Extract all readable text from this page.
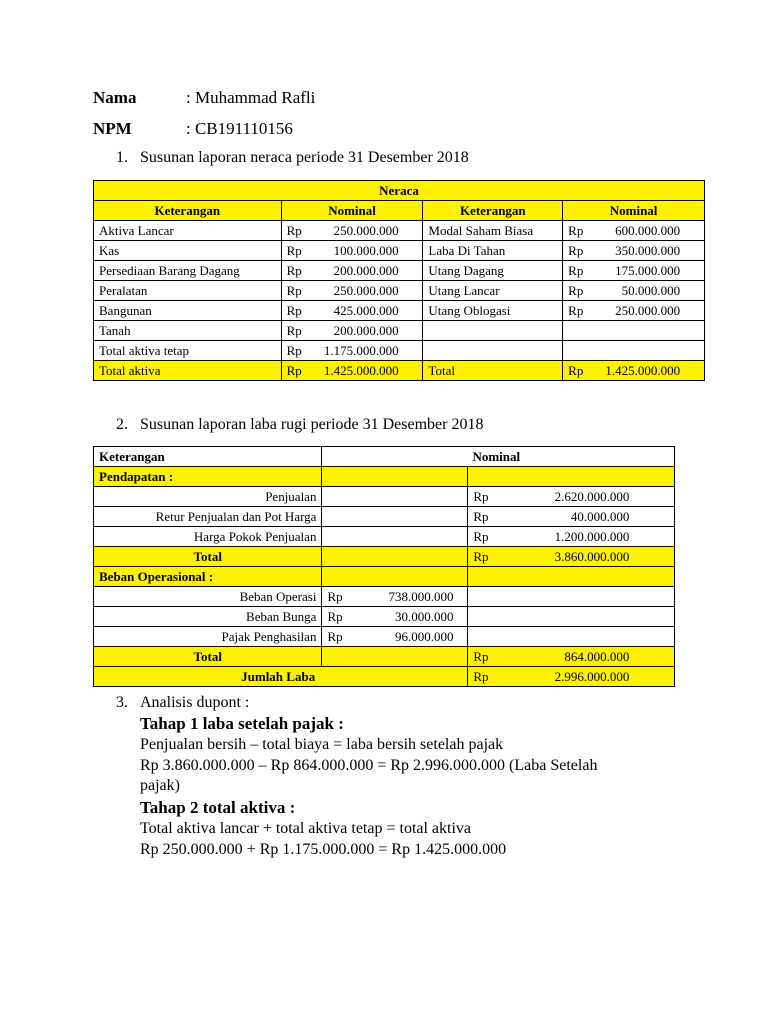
Nama	: Muhammad Rafli
NPM	: CB191110156
1. Susunan laporan neraca periode 31 Desember 2018
Neraca			
Keterangan	Nominal	Keterangan	Nominal
Aktiva Lancar	Rp 250.000.000	Modal Saham Biasa	Rp 600.000.000
Kas	Rp 100.000.000	Laba Di Tahan	Rp 350.000.000
Persediaan Barang Dagang	Rp 200.000.000	Utang Dagang	Rp 175.000.000
Peralatan	Rp 250.000.000	Utang Lancar	Rp 50.000.000
Bangunan	Rp 425.000.000	Utang Oblogasi	Rp 250.000.000
Tanah	Rp 200.000.000		
Total aktiva tetap	Rp 1.175.000.000		
Total aktiva	Rp 1.425.000.000	Total	Rp 1.425.000.000
2. Susunan laporan laba rugi periode 31 Desember 2018
Keterangan	Nominal	
Pendapatan :		
Penjualan		Rp 2.620.000.000
Retur Penjualan dan Pot Harga		Rp 40.000.000
Harga Pokok Penjualan		Rp 1.200.000.000
Total		Rp 3.860.000.000
Beban Operasional :		
Beban Operasi	Rp 738.000.000	
Beban Bunga	Rp 30.000.000	
Pajak Penghasilan	Rp 96.000.000	
Total		Rp 864.000.000
Jumlah Laba		Rp 2.996.000.000
3. Analisis dupont :
Tahap 1 laba setelah pajak :
Penjualan bersih – total biaya = laba bersih setelah pajak
Rp 3.860.000.000 – Rp 864.000.000 = Rp 2.996.000.000 (Laba Setelah
pajak)
Tahap 2 total aktiva :
Total aktiva lancar + total aktiva tetap = total aktiva
Rp 250.000.000 + Rp 1.175.000.000 = Rp 1.425.000.000
